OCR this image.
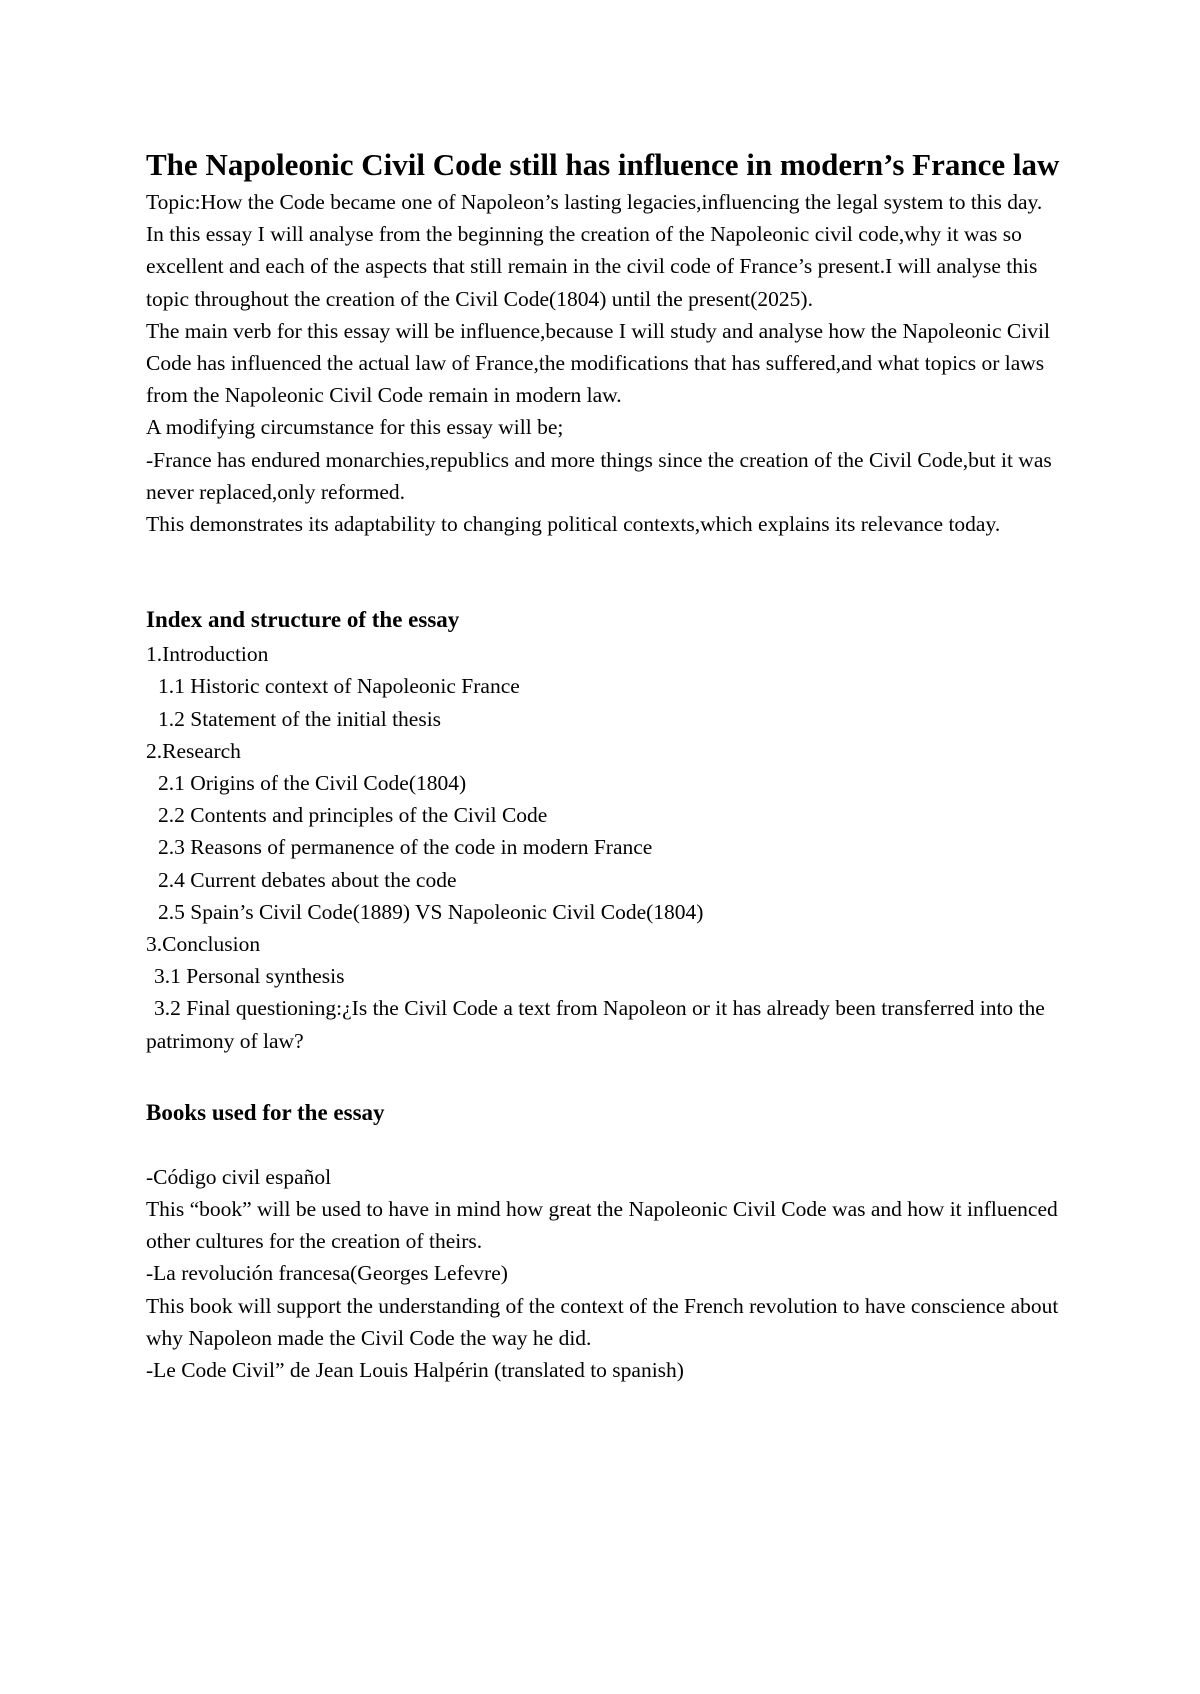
The Napoleonic Civil Code still has influence in modern’s France law

Topic:How the Code became one of Napoleon’s lasting legacies,influencing the legal system to this day.

In this essay I will analyse from the beginning the creation of the Napoleonic civil code,why it was so excellent and each of the aspects that still remain in the civil code of France’s present.I will analyse this topic throughout the creation of the Civil Code(1804) until the present(2025).

The main verb for this essay will be influence,because I will study and analyse how the Napoleonic Civil Code has influenced the actual law of France,the modifications that has suffered,and what topics or laws from the Napoleonic Civil Code remain in modern law.

A modifying circumstance for this essay will be;

-France has endured monarchies,republics and more things since the creation of the Civil Code,but it was never replaced,only reformed.

This demonstrates its adaptability to changing political contexts,which explains its relevance today.

Index and structure of the essay

1.Introduction

1.1 Historic context of Napoleonic France

1.2 Statement of the initial thesis

2.Research

2.1 Origins of the Civil Code(1804)

2.2 Contents and principles of the Civil Code

2.3 Reasons of permanence of the code in modern France

2.4 Current debates about the code

2.5 Spain’s Civil Code(1889) VS Napoleonic Civil Code(1804)

3.Conclusion

3.1 Personal synthesis

3.2 Final questioning:¿Is the Civil Code a text from Napoleon or it has already been transferred into the patrimony of law?

Books used for the essay

-Código civil español

This “book” will be used to have in mind how great the Napoleonic Civil Code was and how it influenced other cultures for the creation of theirs.

-La revolución francesa(Georges Lefevre)

This book will support the understanding of the context of the French revolution to have conscience about why Napoleon made the Civil Code the way he did.

-Le Code Civil” de Jean Louis Halpérin (translated to spanish)
